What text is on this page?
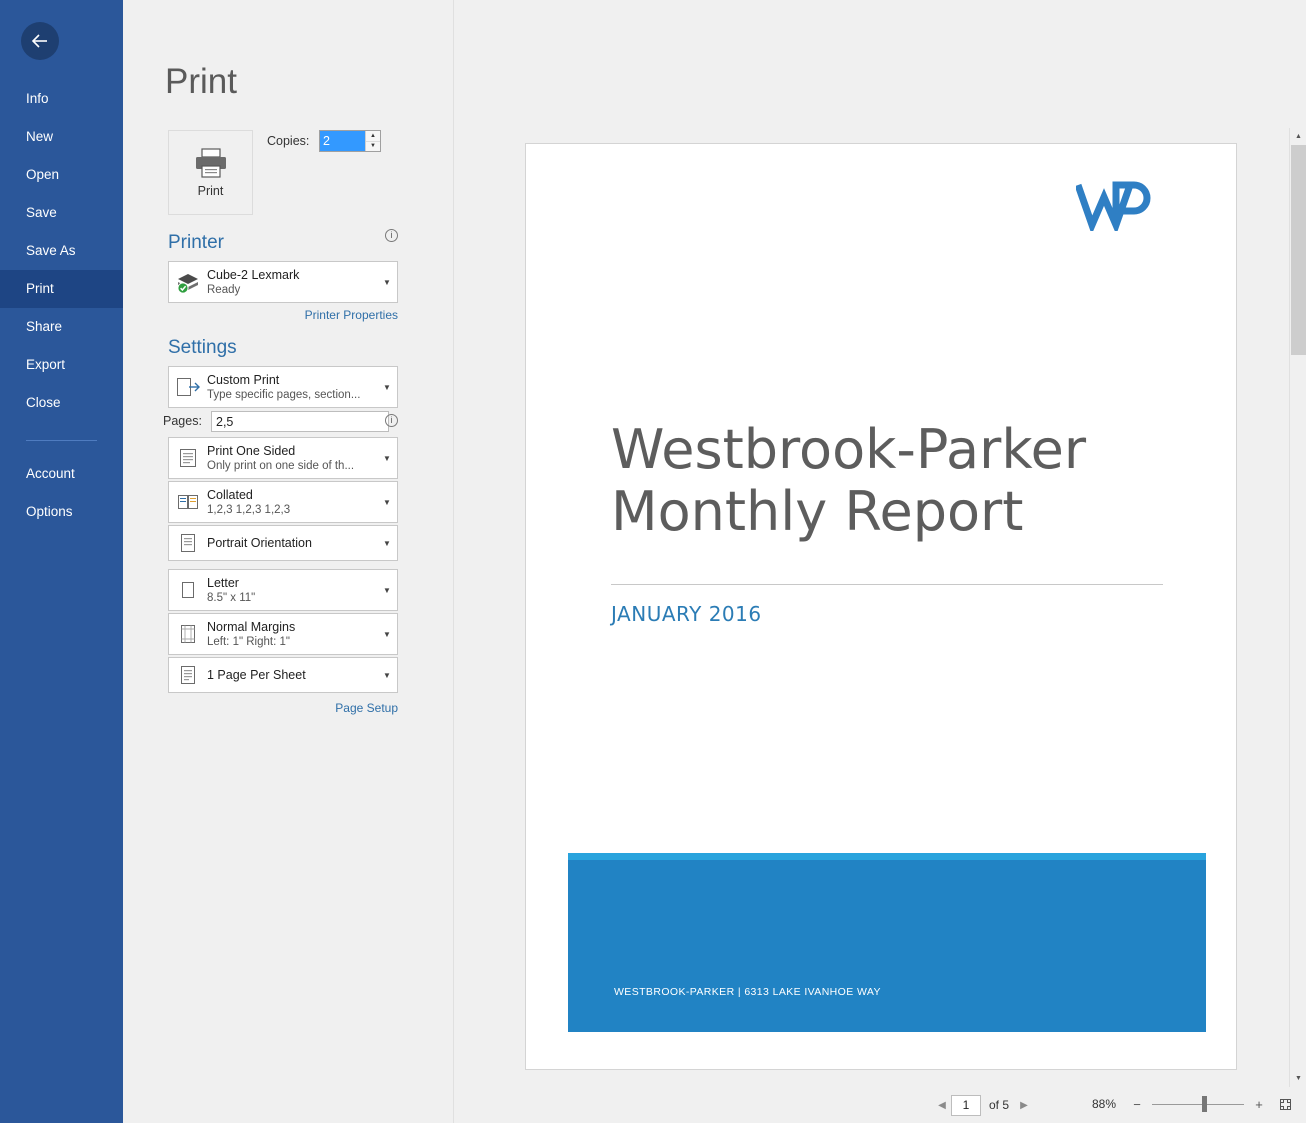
Info
New
Open
Save
Save As
Print
Share
Export
Close
Account
Options
Print
Print
Copies:
2	▲
▼
Printer	i
Cube-2 Lexmark
Ready
▼
Printer Properties
Settings
Custom Print
Type specific pages, section...
▼
Pages:
2,5	i
Print One Sided
Only print on one side of th...
▼
Collated
1,2,3 1,2,3 1,2,3
▼
Portrait Orientation	▼
Letter
8.5" x 11"
▼
Normal Margins
Left: 1" Right: 1"
▼
1 Page Per Sheet	▼
Page Setup
Westbrook-Parker Monthly Report
JANUARY 2016
WESTBROOK-PARKER | 6313 LAKE IVANHOE WAY
▲
▼
◀
1	of 5	▶	88%	−	+
